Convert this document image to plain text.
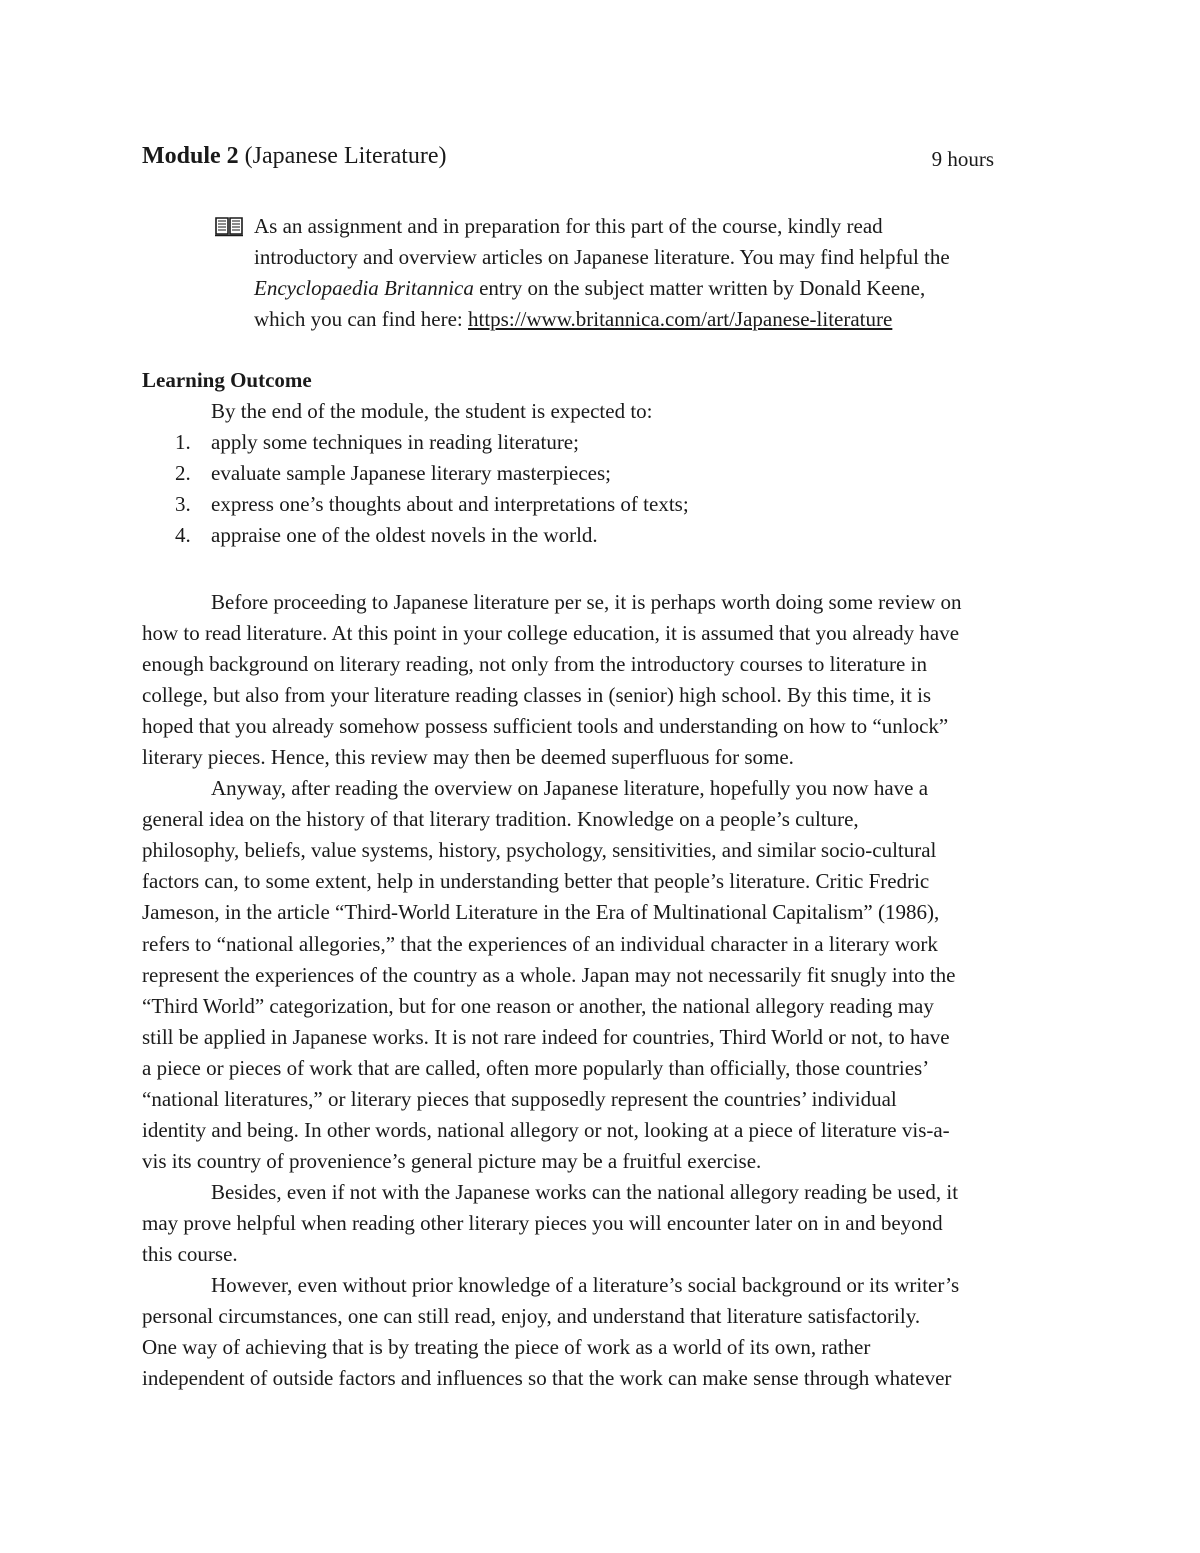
Module 2 (Japanese Literature)	9 hours
As an assignment and in preparation for this part of the course, kindly read
introductory and overview articles on Japanese literature. You may find helpful the
Encyclopaedia Britannica entry on the subject matter written by Donald Keene,
which you can find here: https://www.britannica.com/art/Japanese-literature
Learning Outcome
By the end of the module, the student is expected to:
1. apply some techniques in reading literature;
2. evaluate sample Japanese literary masterpieces;
3. express one’s thoughts about and interpretations of texts;
4. appraise one of the oldest novels in the world.
Before proceeding to Japanese literature per se, it is perhaps worth doing some review on
how to read literature. At this point in your college education, it is assumed that you already have
enough background on literary reading, not only from the introductory courses to literature in
college, but also from your literature reading classes in (senior) high school. By this time, it is
hoped that you already somehow possess sufficient tools and understanding on how to “unlock”
literary pieces. Hence, this review may then be deemed superfluous for some.
Anyway, after reading the overview on Japanese literature, hopefully you now have a
general idea on the history of that literary tradition. Knowledge on a people’s culture,
philosophy, beliefs, value systems, history, psychology, sensitivities, and similar socio-cultural
factors can, to some extent, help in understanding better that people’s literature. Critic Fredric
Jameson, in the article “Third-World Literature in the Era of Multinational Capitalism” (1986),
refers to “national allegories,” that the experiences of an individual character in a literary work
represent the experiences of the country as a whole. Japan may not necessarily fit snugly into the
“Third World” categorization, but for one reason or another, the national allegory reading may
still be applied in Japanese works. It is not rare indeed for countries, Third World or not, to have
a piece or pieces of work that are called, often more popularly than officially, those countries’
“national literatures,” or literary pieces that supposedly represent the countries’ individual
identity and being. In other words, national allegory or not, looking at a piece of literature vis-a-
vis its country of provenience’s general picture may be a fruitful exercise.
Besides, even if not with the Japanese works can the national allegory reading be used, it
may prove helpful when reading other literary pieces you will encounter later on in and beyond
this course.
However, even without prior knowledge of a literature’s social background or its writer’s
personal circumstances, one can still read, enjoy, and understand that literature satisfactorily.
One way of achieving that is by treating the piece of work as a world of its own, rather
independent of outside factors and influences so that the work can make sense through whatever
